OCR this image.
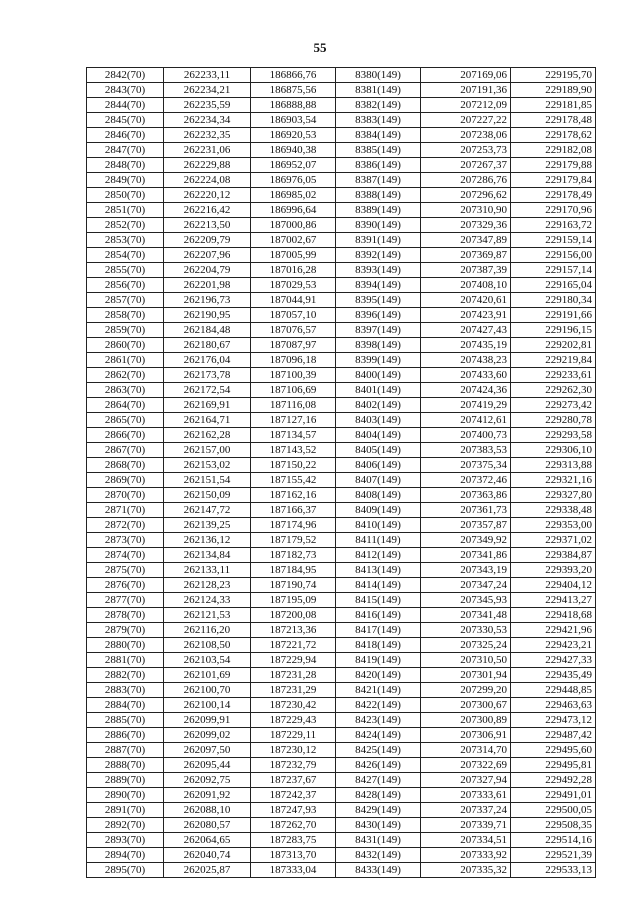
55
2842(70)	262233,11	186866,76	8380(149)	207169,06	229195,70
2843(70)	262234,21	186875,56	8381(149)	207191,36	229189,90
2844(70)	262235,59	186888,88	8382(149)	207212,09	229181,85
2845(70)	262234,34	186903,54	8383(149)	207227,22	229178,48
2846(70)	262232,35	186920,53	8384(149)	207238,06	229178,62
2847(70)	262231,06	186940,38	8385(149)	207253,73	229182,08
2848(70)	262229,88	186952,07	8386(149)	207267,37	229179,88
2849(70)	262224,08	186976,05	8387(149)	207286,76	229179,84
2850(70)	262220,12	186985,02	8388(149)	207296,62	229178,49
2851(70)	262216,42	186996,64	8389(149)	207310,90	229170,96
2852(70)	262213,50	187000,86	8390(149)	207329,36	229163,72
2853(70)	262209,79	187002,67	8391(149)	207347,89	229159,14
2854(70)	262207,96	187005,99	8392(149)	207369,87	229156,00
2855(70)	262204,79	187016,28	8393(149)	207387,39	229157,14
2856(70)	262201,98	187029,53	8394(149)	207408,10	229165,04
2857(70)	262196,73	187044,91	8395(149)	207420,61	229180,34
2858(70)	262190,95	187057,10	8396(149)	207423,91	229191,66
2859(70)	262184,48	187076,57	8397(149)	207427,43	229196,15
2860(70)	262180,67	187087,97	8398(149)	207435,19	229202,81
2861(70)	262176,04	187096,18	8399(149)	207438,23	229219,84
2862(70)	262173,78	187100,39	8400(149)	207433,60	229233,61
2863(70)	262172,54	187106,69	8401(149)	207424,36	229262,30
2864(70)	262169,91	187116,08	8402(149)	207419,29	229273,42
2865(70)	262164,71	187127,16	8403(149)	207412,61	229280,78
2866(70)	262162,28	187134,57	8404(149)	207400,73	229293,58
2867(70)	262157,00	187143,52	8405(149)	207383,53	229306,10
2868(70)	262153,02	187150,22	8406(149)	207375,34	229313,88
2869(70)	262151,54	187155,42	8407(149)	207372,46	229321,16
2870(70)	262150,09	187162,16	8408(149)	207363,86	229327,80
2871(70)	262147,72	187166,37	8409(149)	207361,73	229338,48
2872(70)	262139,25	187174,96	8410(149)	207357,87	229353,00
2873(70)	262136,12	187179,52	8411(149)	207349,92	229371,02
2874(70)	262134,84	187182,73	8412(149)	207341,86	229384,87
2875(70)	262133,11	187184,95	8413(149)	207343,19	229393,20
2876(70)	262128,23	187190,74	8414(149)	207347,24	229404,12
2877(70)	262124,33	187195,09	8415(149)	207345,93	229413,27
2878(70)	262121,53	187200,08	8416(149)	207341,48	229418,68
2879(70)	262116,20	187213,36	8417(149)	207330,53	229421,96
2880(70)	262108,50	187221,72	8418(149)	207325,24	229423,21
2881(70)	262103,54	187229,94	8419(149)	207310,50	229427,33
2882(70)	262101,69	187231,28	8420(149)	207301,94	229435,49
2883(70)	262100,70	187231,29	8421(149)	207299,20	229448,85
2884(70)	262100,14	187230,42	8422(149)	207300,67	229463,63
2885(70)	262099,91	187229,43	8423(149)	207300,89	229473,12
2886(70)	262099,02	187229,11	8424(149)	207306,91	229487,42
2887(70)	262097,50	187230,12	8425(149)	207314,70	229495,60
2888(70)	262095,44	187232,79	8426(149)	207322,69	229495,81
2889(70)	262092,75	187237,67	8427(149)	207327,94	229492,28
2890(70)	262091,92	187242,37	8428(149)	207333,61	229491,01
2891(70)	262088,10	187247,93	8429(149)	207337,24	229500,05
2892(70)	262080,57	187262,70	8430(149)	207339,71	229508,35
2893(70)	262064,65	187283,75	8431(149)	207334,51	229514,16
2894(70)	262040,74	187313,70	8432(149)	207333,92	229521,39
2895(70)	262025,87	187333,04	8433(149)	207335,32	229533,13
